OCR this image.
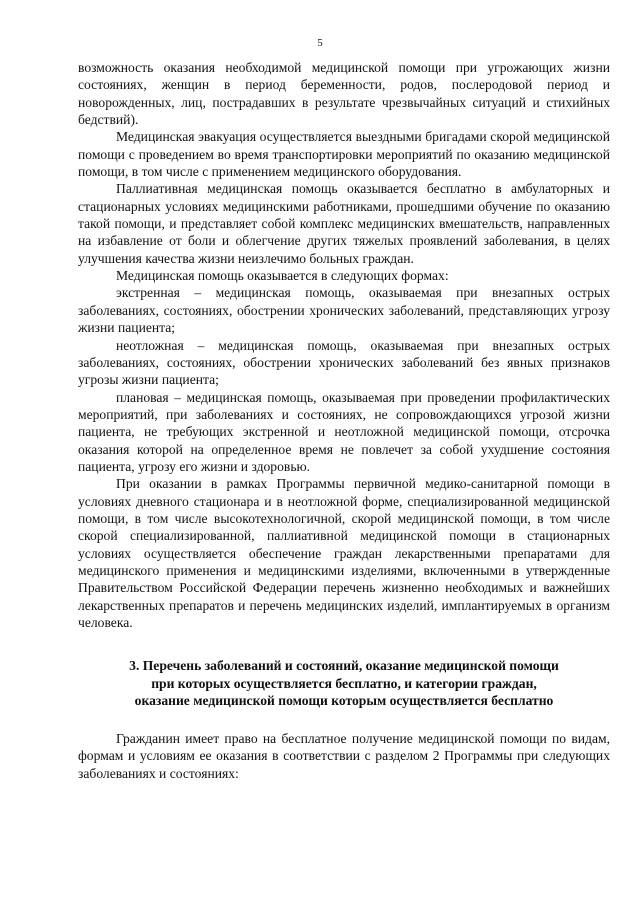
5

возможность оказания необходимой медицинской помощи при угрожающих жизни состояниях, женщин в период беременности, родов, послеродовой период и новорожденных, лиц, пострадавших в результате чрезвычайных ситуаций и стихийных бедствий).

Медицинская эвакуация осуществляется выездными бригадами скорой медицинской помощи с проведением во время транспортировки мероприятий по оказанию медицинской помощи, в том числе с применением медицинского оборудования.

Паллиативная медицинская помощь оказывается бесплатно в амбулаторных и стационарных условиях медицинскими работниками, прошедшими обучение по оказанию такой помощи, и представляет собой комплекс медицинских вмешательств, направленных на избавление от боли и облегчение других тяжелых проявлений заболевания, в целях улучшения качества жизни неизлечимо больных граждан.

Медицинская помощь оказывается в следующих формах:

экстренная – медицинская помощь, оказываемая при внезапных острых заболеваниях, состояниях, обострении хронических заболеваний, представляющих угрозу жизни пациента;

неотложная – медицинская помощь, оказываемая при внезапных острых заболеваниях, состояниях, обострении хронических заболеваний без явных признаков угрозы жизни пациента;

плановая – медицинская помощь, оказываемая при проведении профилактических мероприятий, при заболеваниях и состояниях, не сопровождающихся угрозой жизни пациента, не требующих экстренной и неотложной медицинской помощи, отсрочка оказания которой на определенное время не повлечет за собой ухудшение состояния пациента, угрозу его жизни и здоровью.

При оказании в рамках Программы первичной медико-санитарной помощи в условиях дневного стационара и в неотложной форме, специализированной медицинской помощи, в том числе высокотехнологичной, скорой медицинской помощи, в том числе скорой специализированной, паллиативной медицинской помощи в стационарных условиях осуществляется обеспечение граждан лекарственными препаратами для медицинского применения и медицинскими изделиями, включенными в утвержденные Правительством Российской Федерации перечень жизненно необходимых и важнейших лекарственных препаратов и перечень медицинских изделий, имплантируемых в организм человека.

3. Перечень заболеваний и состояний, оказание медицинской помощи
при которых осуществляется бесплатно, и категории граждан,
оказание медицинской помощи которым осуществляется бесплатно

Гражданин имеет право на бесплатное получение медицинской помощи по видам, формам и условиям ее оказания в соответствии с разделом 2 Программы при следующих заболеваниях и состояниях:
